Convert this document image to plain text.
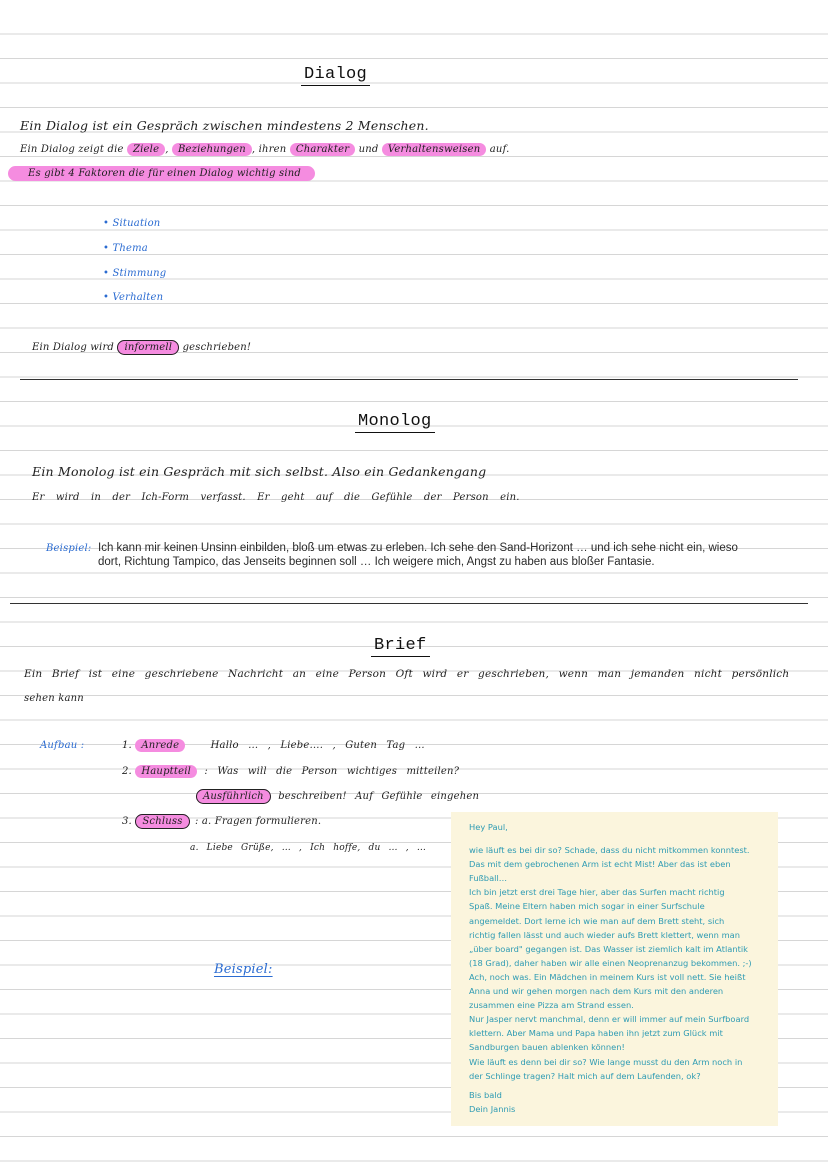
Dialog
Ein Dialog ist ein Gespräch zwischen mindestens 2 Menschen.
Ein Dialog zeigt die Ziele , Beziehungen , ihren Charakter und Verhaltensweisen auf.
Es gibt 4 Faktoren die für einen Dialog wichtig sind
• Situation
• Thema
• Stimmung
• Verhalten
Ein Dialog wird informell geschrieben!
Monolog
Ein Monolog ist ein Gespräch mit sich selbst. Also ein Gedankengang
Er wird in der Ich-Form verfasst. Er geht auf die Gefühle der Person ein.
Beispiel: Ich kann mir keinen Unsinn einbilden, bloß um etwas zu erleben. Ich sehe den Sand-Horizont … und ich sehe nicht ein, wieso
dort, Richtung Tampico, das Jenseits beginnen soll … Ich weigere mich, Angst zu haben aus bloßer Fantasie.
Brief
Ein Brief ist eine geschriebene Nachricht an eine Person Oft wird er geschrieben, wenn man jemanden nicht persönlich
sehen kann
Aufbau :	1. Anrede	Hallo … , Liebe…. , Guten Tag …
2. Hauptteil : Was will die Person wichtiges mitteilen?
Ausführlich beschreiben! Auf Gefühle eingehen
3. Schluss : a. Fragen formulieren.
a. Liebe Grüße, … , Ich hoffe, du … , …
Beispiel:

Hey Paul,

wie läuft es bei dir so? Schade, dass du nicht mitkommen konntest.

Das mit dem gebrochenen Arm ist echt Mist! Aber das ist eben

Fußball…

Ich bin jetzt erst drei Tage hier, aber das Surfen macht richtig

Spaß. Meine Eltern haben mich sogar in einer Surfschule

angemeldet. Dort lerne ich wie man auf dem Brett steht, sich

richtig fallen lässt und auch wieder aufs Brett klettert, wenn man

„über board" gegangen ist. Das Wasser ist ziemlich kalt im Atlantik

(18 Grad), daher haben wir alle einen Neoprenanzug bekommen. ;-)

Ach, noch was. Ein Mädchen in meinem Kurs ist voll nett. Sie heißt

Anna und wir gehen morgen nach dem Kurs mit den anderen

zusammen eine Pizza am Strand essen.

Nur Jasper nervt manchmal, denn er will immer auf mein Surfboard

klettern. Aber Mama und Papa haben ihn jetzt zum Glück mit

Sandburgen bauen ablenken können!

Wie läuft es denn bei dir so? Wie lange musst du den Arm noch in

der Schlinge tragen? Halt mich auf dem Laufenden, ok?

Bis bald

Dein Jannis
